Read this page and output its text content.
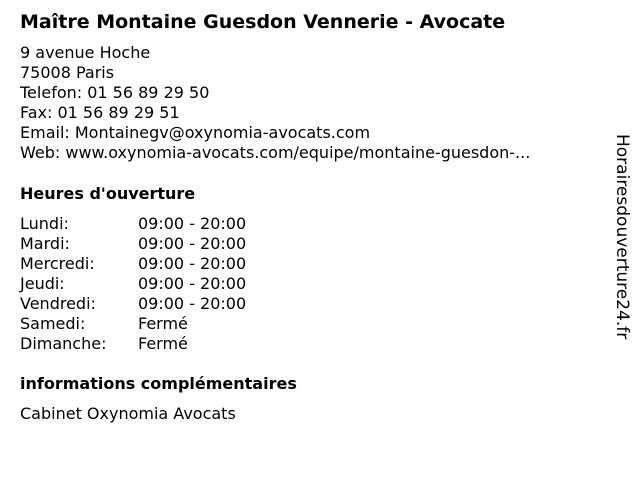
Maître Montaine Guesdon Vennerie - Avocate
9 avenue Hoche
75008 Paris
Telefon: 01 56 89 29 50
Fax: 01 56 89 29 51
Email: Montainegv@oxynomia-avocats.com
Web: www.oxynomia-avocats.com/equipe/montaine-guesdon-...
Heures d'ouverture
Lundi:	09:00 - 20:00
Mardi:	09:00 - 20:00
Mercredi:	09:00 - 20:00
Jeudi:	09:00 - 20:00
Vendredi:	09:00 - 20:00
Samedi:	Fermé
Dimanche: Fermé
informations complémentaires
Cabinet Oxynomia Avocats
Horairesdouverture24.fr
